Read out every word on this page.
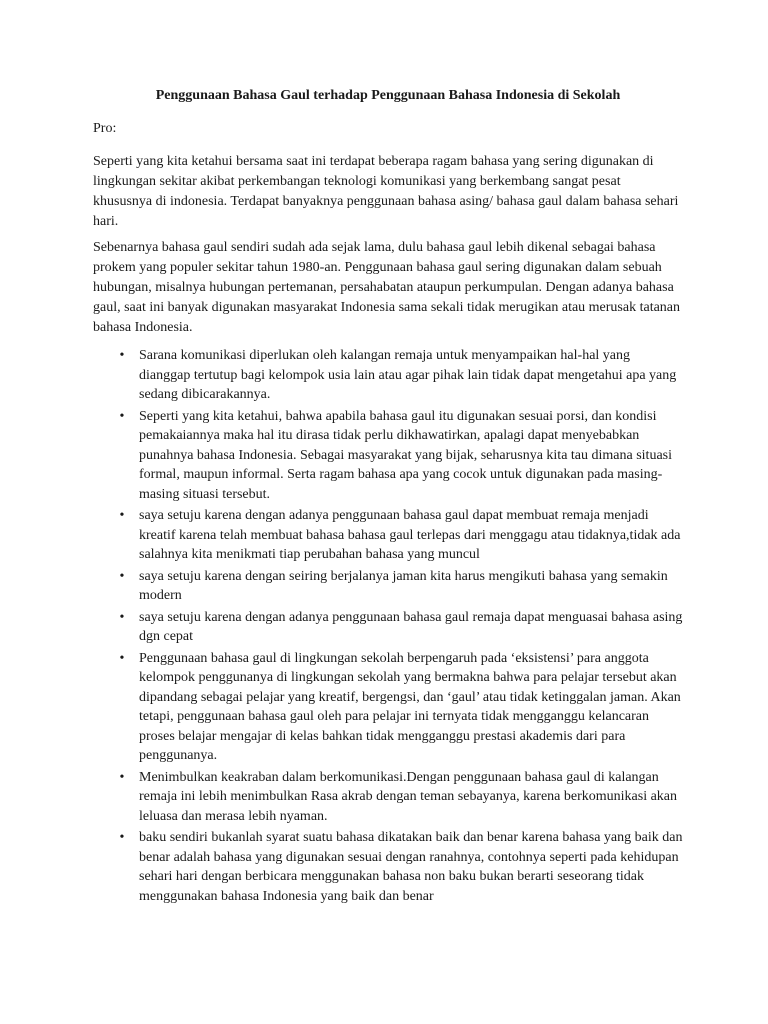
Penggunaan Bahasa Gaul terhadap Penggunaan Bahasa Indonesia di Sekolah

Pro:

Seperti yang kita ketahui bersama saat ini terdapat beberapa ragam bahasa yang sering digunakan di lingkungan sekitar akibat perkembangan teknologi komunikasi yang berkembang sangat pesat khususnya di indonesia. Terdapat banyaknya penggunaan bahasa asing/ bahasa gaul dalam bahasa sehari hari.

Sebenarnya bahasa gaul sendiri sudah ada sejak lama, dulu bahasa gaul lebih dikenal sebagai bahasa prokem yang populer sekitar tahun 1980-an. Penggunaan bahasa gaul sering digunakan dalam sebuah hubungan, misalnya hubungan pertemanan, persahabatan ataupun perkumpulan. Dengan adanya bahasa gaul, saat ini banyak digunakan masyarakat Indonesia sama sekali tidak merugikan atau merusak tatanan bahasa Indonesia.

• Sarana komunikasi diperlukan oleh kalangan remaja untuk menyampaikan hal-hal yang dianggap tertutup bagi kelompok usia lain atau agar pihak lain tidak dapat mengetahui apa yang sedang dibicarakannya.
• Seperti yang kita ketahui, bahwa apabila bahasa gaul itu digunakan sesuai porsi, dan kondisi pemakaiannya maka hal itu dirasa tidak perlu dikhawatirkan, apalagi dapat menyebabkan punahnya bahasa Indonesia. Sebagai masyarakat yang bijak, seharusnya kita tau dimana situasi formal, maupun informal. Serta ragam bahasa apa yang cocok untuk digunakan pada masing-masing situasi tersebut.
• saya setuju karena dengan adanya penggunaan bahasa gaul dapat membuat remaja menjadi kreatif karena telah membuat bahasa bahasa gaul terlepas dari menggagu atau tidaknya,tidak ada salahnya kita menikmati tiap perubahan bahasa yang muncul
• saya setuju karena dengan seiring berjalanya jaman kita harus mengikuti bahasa yang semakin modern
• saya setuju karena dengan adanya penggunaan bahasa gaul remaja dapat menguasai bahasa asing dgn cepat
• Penggunaan bahasa gaul di lingkungan sekolah berpengaruh pada ‘eksistensi’ para anggota kelompok penggunanya di lingkungan sekolah yang bermakna bahwa para pelajar tersebut akan dipandang sebagai pelajar yang kreatif, bergengsi, dan ‘gaul’ atau tidak ketinggalan jaman. Akan tetapi, penggunaan bahasa gaul oleh para pelajar ini ternyata tidak mengganggu kelancaran proses belajar mengajar di kelas bahkan tidak mengganggu prestasi akademis dari para penggunanya.
• Menimbulkan keakraban dalam berkomunikasi.Dengan penggunaan bahasa gaul di kalangan remaja ini lebih menimbulkan Rasa akrab dengan teman sebayanya, karena berkomunikasi akan leluasa dan merasa lebih nyaman.
• baku sendiri bukanlah syarat suatu bahasa dikatakan baik dan benar karena bahasa yang baik dan benar adalah bahasa yang digunakan sesuai dengan ranahnya, contohnya seperti pada kehidupan sehari hari dengan berbicara menggunakan bahasa non baku bukan berarti seseorang tidak menggunakan bahasa Indonesia yang baik dan benar
